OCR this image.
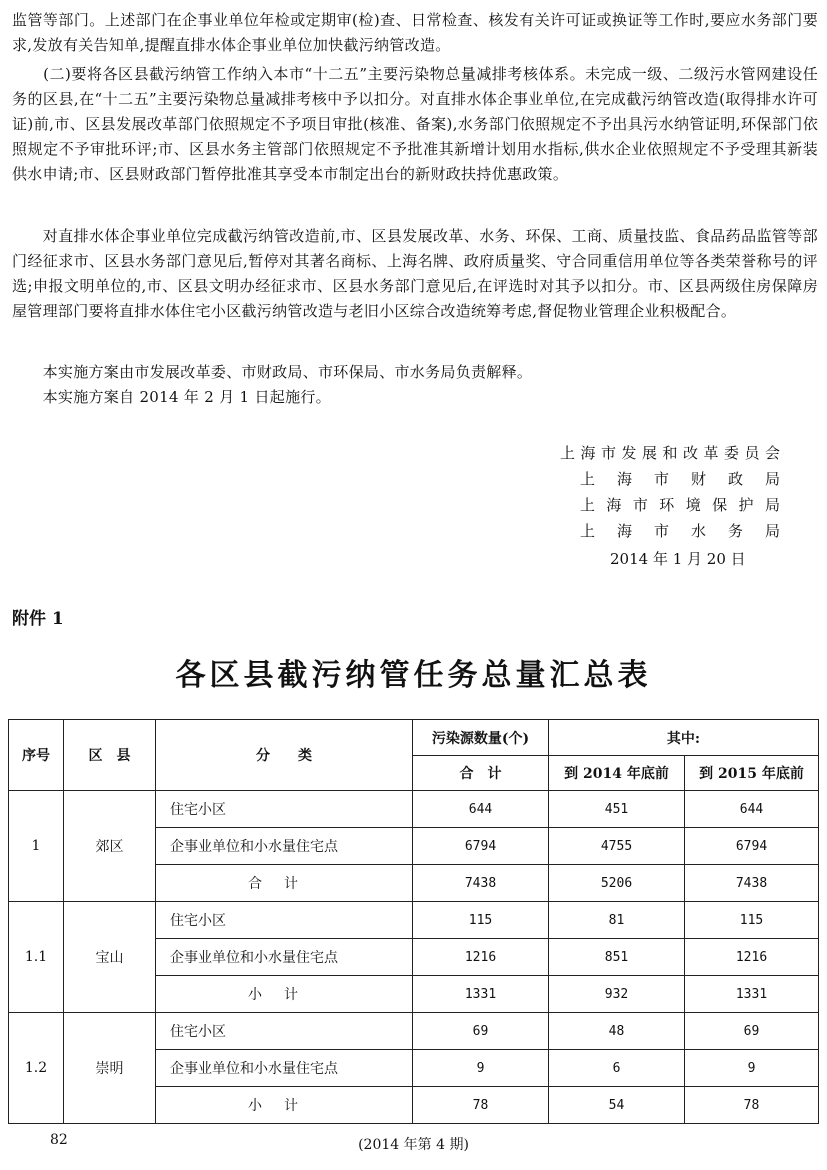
监管等部门。上述部门在企事业单位年检或定期审(检)查、日常检查、核发有关许可证或换证等工作时,要应水务部门要求,发放有关告知单,提醒直排水体企事业单位加快截污纳管改造。

　　(二)要将各区县截污纳管工作纳入本市“十二五”主要污染物总量减排考核体系。未完成一级、二级污水管网建设任务的区县,在“十二五”主要污染物总量减排考核中予以扣分。对直排水体企事业单位,在完成截污纳管改造(取得排水许可证)前,市、区县发展改革部门依照规定不予项目审批(核准、备案),水务部门依照规定不予出具污水纳管证明,环保部门依照规定不予审批环评;市、区县水务主管部门依照规定不予批准其新增计划用水指标,供水企业依照规定不予受理其新装供水申请;市、区县财政部门暂停批准其享受本市制定出台的新财政扶持优惠政策。

　　对直排水体企事业单位完成截污纳管改造前,市、区县发展改革、水务、环保、工商、质量技监、食品药品监管等部门经征求市、区县水务部门意见后,暂停对其著名商标、上海名牌、政府质量奖、守合同重信用单位等各类荣誉称号的评选;申报文明单位的,市、区县文明办经征求市、区县水务部门意见后,在评选时对其予以扣分。市、区县两级住房保障房屋管理部门要将直排水体住宅小区截污纳管改造与老旧小区综合改造统筹考虑,督促物业管理企业积极配合。

　　本实施方案由市发展改革委、市财政局、市环保局、市水务局负责解释。

　　本实施方案自 2014 年 2 月 1 日起施行。

上海市发展和改革委员会
上海市财政局
上海市环境保护局
上海市水务局
2014 年 1 月 20 日
附件 1
各区县截污纳管任务总量汇总表
序号	区　县	分　　类	污染源数量(个)	其中:	
			合　计	到 2014 年底前	到 2015 年底前
1	郊区	住宅小区	644	451	644
		企事业单位和小水量住宅点	6794	4755	6794
		合计	7438	5206	7438
1.1	宝山	住宅小区	115	81	115
		企事业单位和小水量住宅点	1216	851	1216
		小计	1331	932	1331
1.2	崇明	住宅小区	69	48	69
		企事业单位和小水量住宅点	9	6	9
		小计	78	54	78
82	(2014 年第 4 期)
